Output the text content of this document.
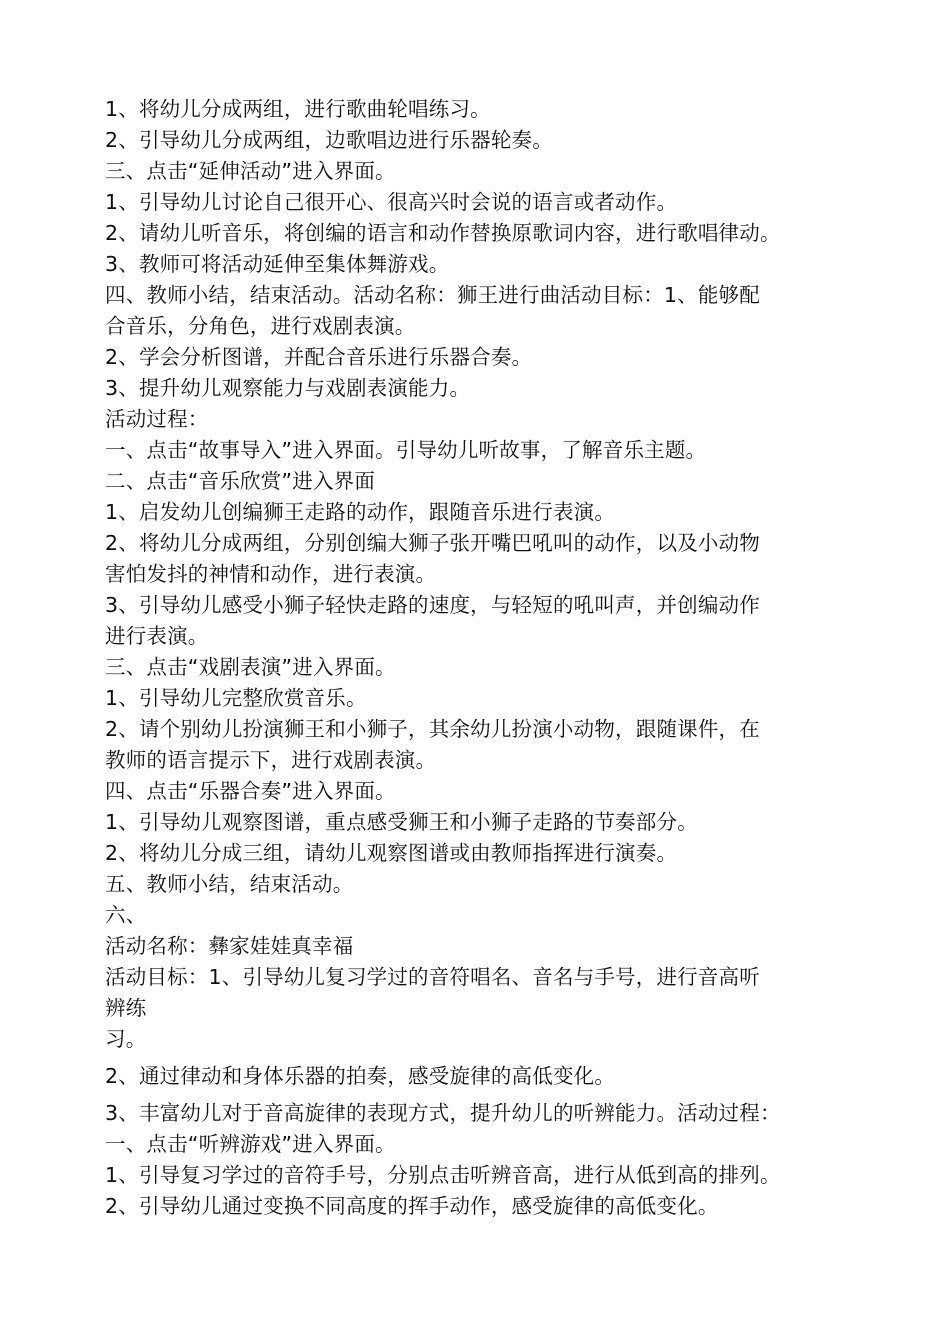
1、将幼儿分成两组，进行歌曲轮唱练习。
2、引导幼儿分成两组，边歌唱边进行乐器轮奏。
三、点击“延伸活动”进入界面。
1、引导幼儿讨论自己很开心、很高兴时会说的语言或者动作。
2、请幼儿听音乐，将创编的语言和动作替换原歌词内容，进行歌唱律动。
3、教师可将活动延伸至集体舞游戏。
四、教师小结，结束活动。活动名称：狮王进行曲活动目标：1、能够配
合音乐，分角色，进行戏剧表演。
2、学会分析图谱，并配合音乐进行乐器合奏。
3、提升幼儿观察能力与戏剧表演能力。
活动过程：
一、点击“故事导入”进入界面。引导幼儿听故事，了解音乐主题。
二、点击“音乐欣赏”进入界面
1、启发幼儿创编狮王走路的动作，跟随音乐进行表演。
2、将幼儿分成两组，分别创编大狮子张开嘴巴吼叫的动作，以及小动物
害怕发抖的神情和动作，进行表演。
3、引导幼儿感受小狮子轻快走路的速度，与轻短的吼叫声，并创编动作
进行表演。
三、点击“戏剧表演”进入界面。
1、引导幼儿完整欣赏音乐。
2、请个别幼儿扮演狮王和小狮子，其余幼儿扮演小动物，跟随课件，在
教师的语言提示下，进行戏剧表演。
四、点击“乐器合奏”进入界面。
1、引导幼儿观察图谱，重点感受狮王和小狮子走路的节奏部分。
2、将幼儿分成三组，请幼儿观察图谱或由教师指挥进行演奏。
五、教师小结，结束活动。
六、
活动名称：彝家娃娃真幸福
活动目标：1、引导幼儿复习学过的音符唱名、音名与手号，进行音高听
辨练
习。
2、通过律动和身体乐器的拍奏，感受旋律的高低变化。
3、丰富幼儿对于音高旋律的表现方式，提升幼儿的听辨能力。活动过程：
一、点击“听辨游戏”进入界面。
1、引导复习学过的音符手号，分别点击听辨音高，进行从低到高的排列。
2、引导幼儿通过变换不同高度的挥手动作，感受旋律的高低变化。
